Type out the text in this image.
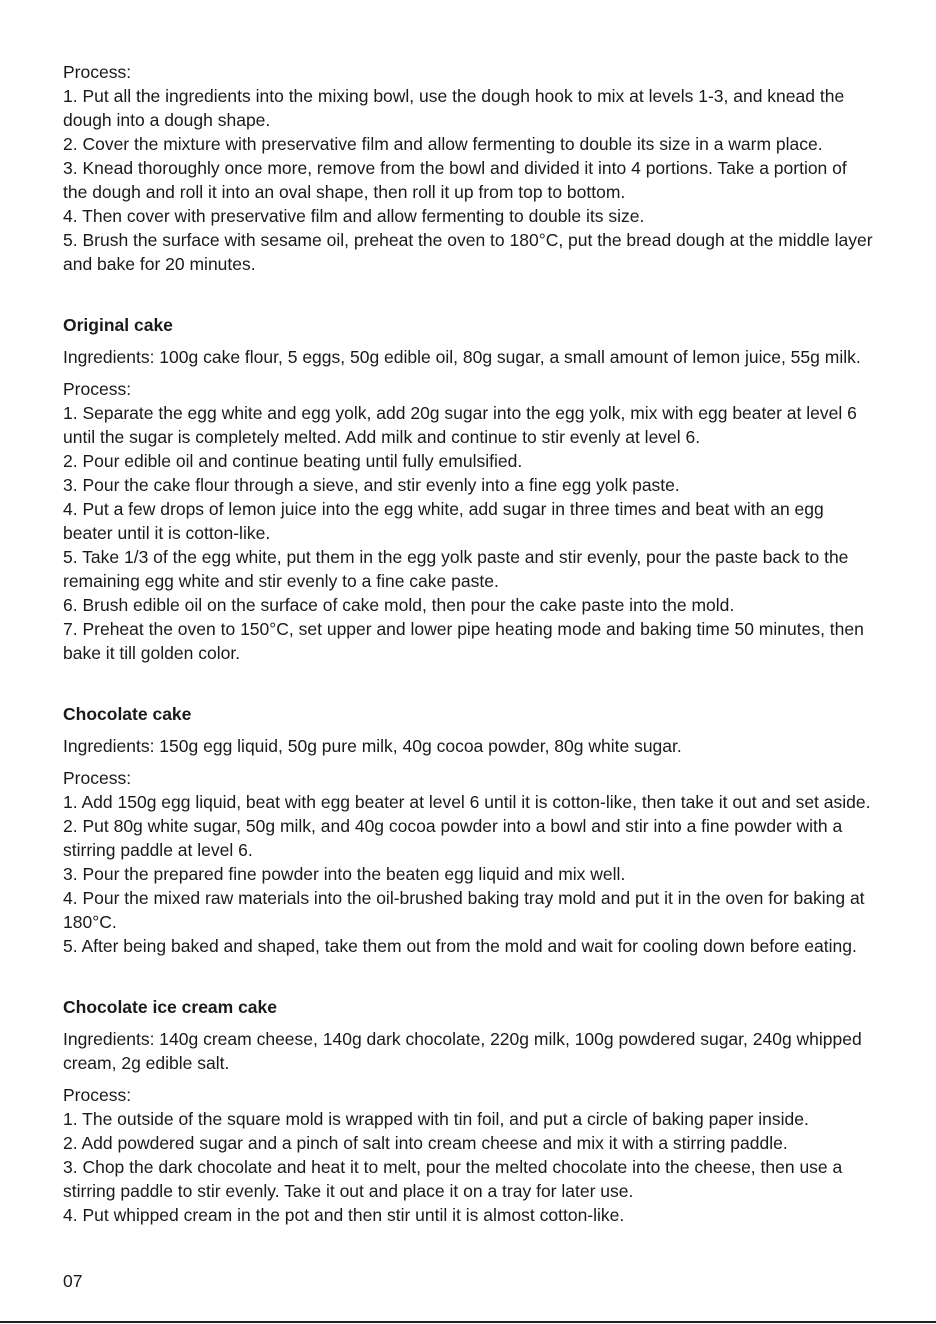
Process:

1. Put all the ingredients into the mixing bowl, use the dough hook to mix at levels 1-3, and knead the dough into a dough shape.

2. Cover the mixture with preservative film and allow fermenting to double its size in a warm place.

3. Knead thoroughly once more, remove from the bowl and divided it into 4 portions. Take a portion of the dough and roll it into an oval shape, then roll it up from top to bottom.

4. Then cover with preservative film and allow fermenting to double its size.

5. Brush the surface with sesame oil, preheat the oven to 180°C, put the bread dough at the middle layer and bake for 20 minutes.

Original cake

Ingredients: 100g cake flour, 5 eggs, 50g edible oil, 80g sugar, a small amount of lemon juice, 55g milk.

Process:

1. Separate the egg white and egg yolk, add 20g sugar into the egg yolk, mix with egg beater at level 6 until the sugar is completely melted. Add milk and continue to stir evenly at level 6.

2. Pour edible oil and continue beating until fully emulsified.

3. Pour the cake flour through a sieve, and stir evenly into a fine egg yolk paste.

4. Put a few drops of lemon juice into the egg white, add sugar in three times and beat with an egg beater until it is cotton-like.

5. Take 1/3 of the egg white, put them in the egg yolk paste and stir evenly, pour the paste back to the remaining egg white and stir evenly to a fine cake paste.

6. Brush edible oil on the surface of cake mold, then pour the cake paste into the mold.

7. Preheat the oven to 150°C, set upper and lower pipe heating mode and baking time 50 minutes, then bake it till golden color.

Chocolate cake

Ingredients: 150g egg liquid, 50g pure milk, 40g cocoa powder, 80g white sugar.

Process:

1. Add 150g egg liquid, beat with egg beater at level 6 until it is cotton-like, then take it out and set aside.

2. Put 80g white sugar, 50g milk, and 40g cocoa powder into a bowl and stir into a fine powder with a stirring paddle at level 6.

3. Pour the prepared fine powder into the beaten egg liquid and mix well.

4. Pour the mixed raw materials into the oil-brushed baking tray mold and put it in the oven for baking at 180°C.

5. After being baked and shaped, take them out from the mold and wait for cooling down before eating.

Chocolate ice cream cake

Ingredients: 140g cream cheese, 140g dark chocolate, 220g milk, 100g powdered sugar, 240g whipped cream, 2g edible salt.

Process:

1. The outside of the square mold is wrapped with tin foil, and put a circle of baking paper inside.

2. Add powdered sugar and a pinch of salt into cream cheese and mix it with a stirring paddle.

3. Chop the dark chocolate and heat it to melt, pour the melted chocolate into the cheese, then use a stirring paddle to stir evenly. Take it out and place it on a tray for later use.

4. Put whipped cream in the pot and then stir until it is almost cotton-like.

07
